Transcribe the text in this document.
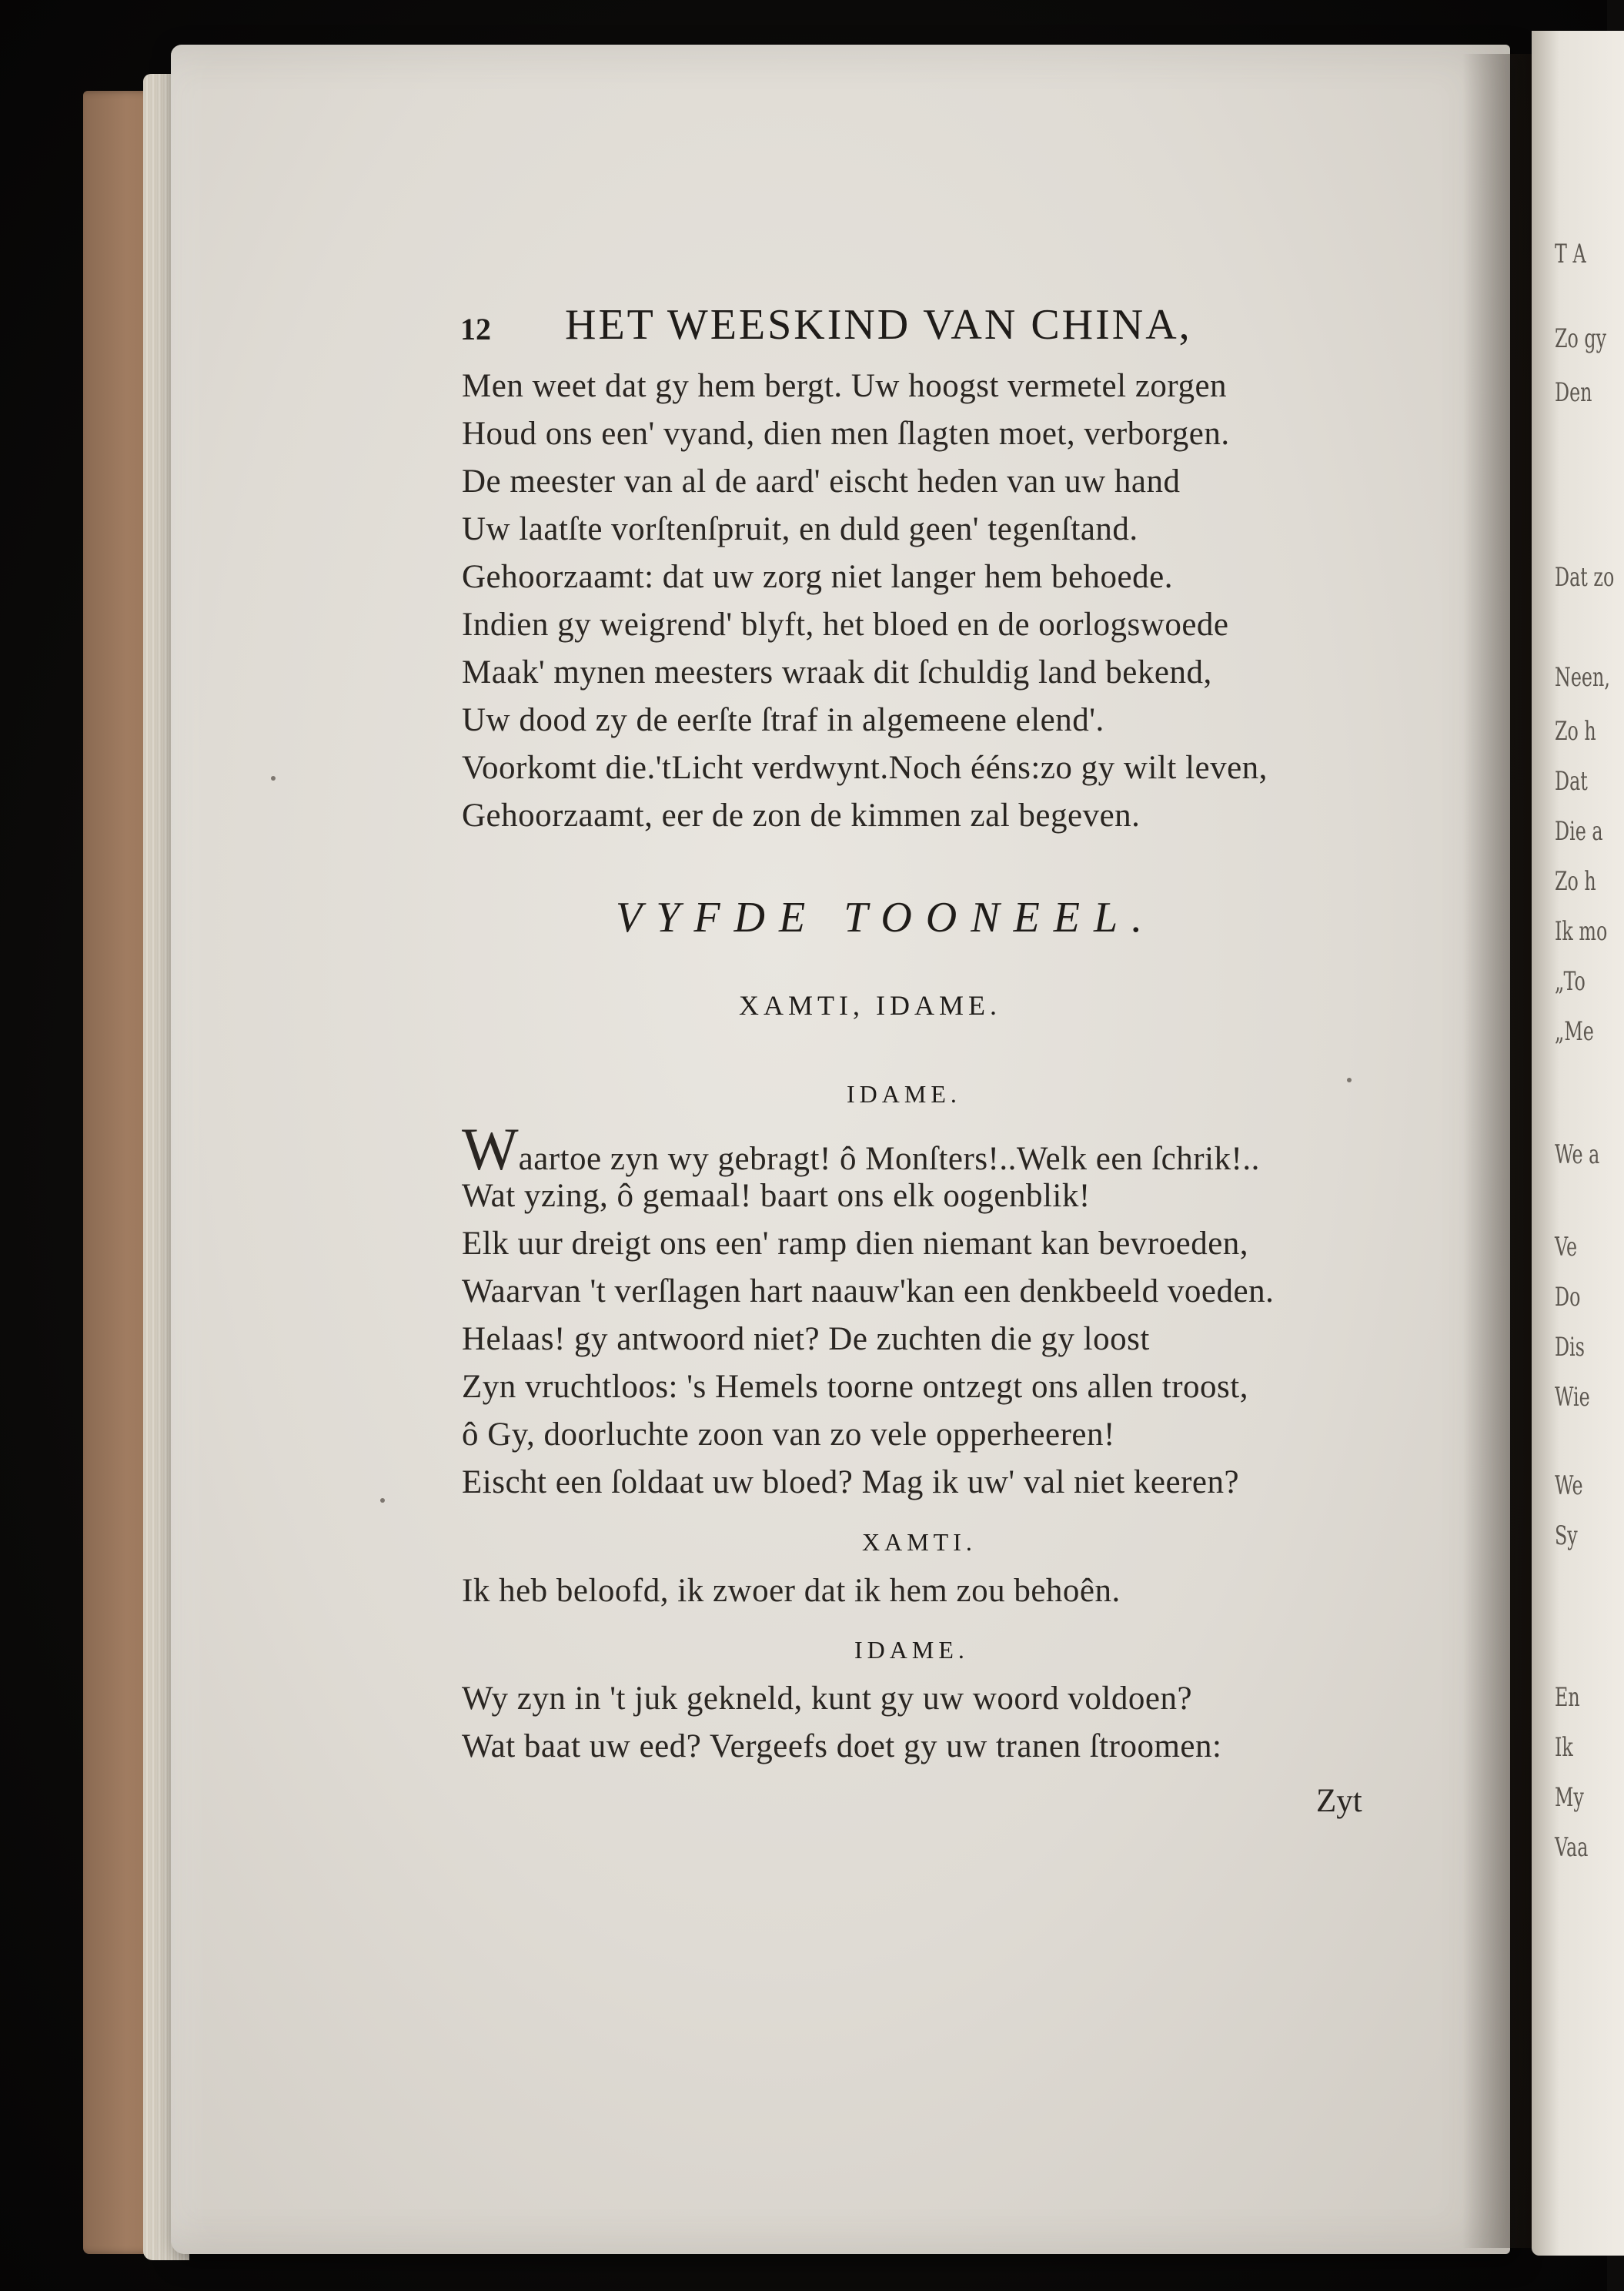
12 HET WEESKIND VAN CHINA,
Men weet dat gy hem bergt. Uw hoogst vermetel zorgen
Houd ons een' vyand, dien men ſlagten moet, verborgen.
De meester van al de aard' eischt heden van uw hand
Uw laatſte vorſtenſpruit, en duld geen' tegenſtand.
Gehoorzaamt: dat uw zorg niet langer hem behoede.
Indien gy weigrend' blyft, het bloed en de oorlogswoede
Maak' mynen meesters wraak dit ſchuldig land bekend,
Uw dood zy de eerſte ſtraf in algemeene elend'.
Voorkomt die.'tLicht verdwynt.Noch ééns:zo gy wilt leven,
Gehoorzaamt, eer de zon de kimmen zal begeven.
VYFDE TOONEEL.
XAMTI, IDAME.
IDAME.
Waartoe zyn wy gebragt! ô Monſters!..Welk een ſchrik!..
Wat yzing, ô gemaal! baart ons elk oogenblik!
Elk uur dreigt ons een' ramp dien niemant kan bevroeden,
Waarvan 't verſlagen hart naauw'kan een denkbeeld voeden.
Helaas! gy antwoord niet? De zuchten die gy loost
Zyn vruchtloos: 's Hemels toorne ontzegt ons allen troost,
ô Gy, doorluchte zoon van zo vele opperheeren!
Eischt een ſoldaat uw bloed? Mag ik uw' val niet keeren?
XAMTI.
Ik heb beloofd, ik zwoer dat ik hem zou behoên.
IDAME.
Wy zyn in 't juk gekneld, kunt gy uw woord voldoen?
Wat baat uw eed? Vergeefs doet gy uw tranen ſtroomen:
Zyt
T A
Zo gy
Den
Dat zo
Neen,
Zo h
Dat
Die a
Zo h
Ik mo
„To
„Me
We a
Ve
Do
Dis
Wie
We
Sy
En
Ik
My
Vaa
